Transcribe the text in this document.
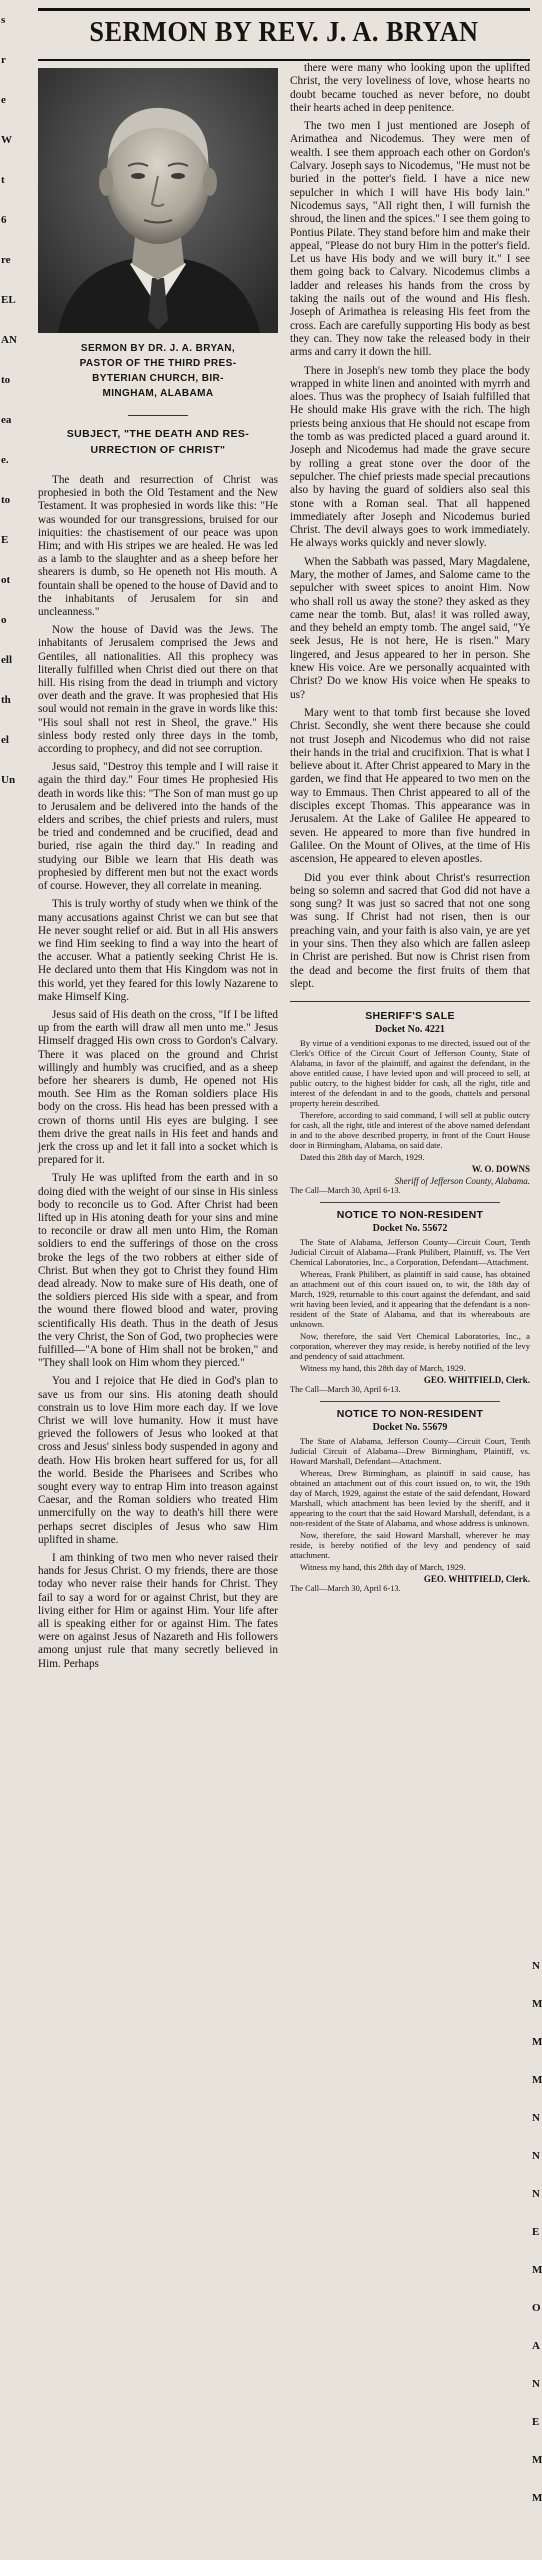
s
r
e
W
t
6
re
EL
AN
to
ea
e.
to
E
ot
o
ell
th
el
Un
N
M
M
M
N
N
N
E
M
O
A
N
E
M
M
SERMON BY REV. J. A. BRYAN
SERMON BY DR. J. A. BRYAN,
PASTOR OF THE THIRD PRES-
BYTERIAN CHURCH, BIR-
MINGHAM, ALABAMA
SUBJECT, "THE DEATH AND RES-
URRECTION OF CHRIST"

The death and resurrection of Christ was prophesied in both the Old Testament and the New Testament. It was prophesied in words like this: "He was wounded for our transgressions, bruised for our iniquities: the chastisement of our peace was upon Him; and with His stripes we are healed. He was led as a lamb to the slaughter and as a sheep before her shearers is dumb, so He openeth not His mouth. A fountain shall be opened to the house of David and to the inhabitants of Jerusalem for sin and uncleanness."

Now the house of David was the Jews. The inhabitants of Jerusalem comprised the Jews and Gentiles, all nationalities. All this prophecy was literally fulfilled when Christ died out there on that hill. His rising from the dead in triumph and victory over death and the grave. It was prophesied that His soul would not remain in the grave in words like this: "His soul shall not rest in Sheol, the grave." His sinless body rested only three days in the tomb, according to prophecy, and did not see corruption.

Jesus said, "Destroy this temple and I will raise it again the third day." Four times He prophesied His death in words like this: "The Son of man must go up to Jerusalem and be delivered into the hands of the elders and scribes, the chief priests and rulers, must be tried and condemned and be crucified, dead and buried, rise again the third day." In reading and studying our Bible we learn that His death was prophesied by different men but not the exact words of course. However, they all correlate in meaning.

This is truly worthy of study when we think of the many accusations against Christ we can but see that He never sought relief or aid. But in all His answers we find Him seeking to find a way into the heart of the accuser. What a patiently seeking Christ He is. He declared unto them that His Kingdom was not in this world, yet they feared for this lowly Nazarene to make Himself King.

Jesus said of His death on the cross, "If I be lifted up from the earth will draw all men unto me." Jesus Himself dragged His own cross to Gordon's Calvary. There it was placed on the ground and Christ willingly and humbly was crucified, and as a sheep before her shearers is dumb, He opened not His mouth. See Him as the Roman soldiers place His body on the cross. His head has been pressed with a crown of thorns until His eyes are bulging. I see them drive the great nails in His feet and hands and jerk the cross up and let it fall into a socket which is prepared for it.

Truly He was uplifted from the earth and in so doing died with the weight of our sinse in His sinless body to reconcile us to God. After Christ had been lifted up in His atoning death for your sins and mine to reconcile or draw all men unto Him, the Roman soldiers to end the sufferings of those on the cross broke the legs of the two robbers at either side of Christ. But when they got to Christ they found Him dead already. Now to make sure of His death, one of the soldiers pierced His side with a spear, and from the wound there flowed blood and water, proving scientifically His death. Thus in the death of Jesus the very Christ, the Son of God, two prophecies were fulfilled—"A bone of Him shall not be broken," and "They shall look on Him whom they pierced."

You and I rejoice that He died in God's plan to save us from our sins. His atoning death should constrain us to love Him more each day. If we love Christ we will love humanity. How it must have grieved the followers of Jesus who looked at that cross and Jesus' sinless body suspended in agony and death. How His broken heart suffered for us, for all the world. Beside the Pharisees and Scribes who sought every way to entrap Him into treason against Caesar, and the Roman soldiers who treated Him unmercifully on the way to death's hill there were perhaps secret disciples of Jesus who saw Him uplifted in shame.

I am thinking of two men who never raised their hands for Jesus Christ. O my friends, there are those today who never raise their hands for Christ. They fail to say a word for or against Christ, but they are living either for Him or against Him. Your life after all is speaking either for or against Him. The fates were on against Jesus of Nazareth and His followers among unjust rule that many secretly believed in Him. Perhaps

there were many who looking upon the uplifted Christ, the very loveliness of love, whose hearts no doubt became touched as never before, no doubt their hearts ached in deep penitence.

The two men I just mentioned are Joseph of Arimathea and Nicodemus. They were men of wealth. I see them approach each other on Gordon's Calvary. Joseph says to Nicodemus, "He must not be buried in the potter's field. I have a nice new sepulcher in which I will have His body lain." Nicodemus says, "All right then, I will furnish the shroud, the linen and the spices." I see them going to Pontius Pilate. They stand before him and make their appeal, "Please do not bury Him in the potter's field. Let us have His body and we will bury it." I see them going back to Calvary. Nicodemus climbs a ladder and releases his hands from the cross by taking the nails out of the wound and His flesh. Joseph of Arimathea is releasing His feet from the cross. Each are carefully supporting His body as best they can. They now take the released body in their arms and carry it down the hill.

There in Joseph's new tomb they place the body wrapped in white linen and anointed with myrrh and aloes. Thus was the prophecy of Isaiah fulfilled that He should make His grave with the rich. The high priests being anxious that He should not escape from the tomb as was predicted placed a guard around it. Joseph and Nicodemus had made the grave secure by rolling a great stone over the door of the sepulcher. The chief priests made special precautions also by having the guard of soldiers also seal this stone with a Roman seal. That all happened immediately after Joseph and Nicodemus buried Christ. The devil always goes to work immediately. He always works quickly and never slowly.

When the Sabbath was passed, Mary Magdalene, Mary, the mother of James, and Salome came to the sepulcher with sweet spices to anoint Him. Now who shall roll us away the stone? they asked as they came near the tomb. But, alas! it was rolled away, and they beheld an empty tomb. The angel said, "Ye seek Jesus, He is not here, He is risen." Mary lingered, and Jesus appeared to her in person. She knew His voice. Are we personally acquainted with Christ? Do we know His voice when He speaks to us?

Mary went to that tomb first because she loved Christ. Secondly, she went there because she could not trust Joseph and Nicodemus who did not raise their hands in the trial and crucifixion. That is what I believe about it. After Christ appeared to Mary in the garden, we find that He appeared to two men on the way to Emmaus. Then Christ appeared to all of the disciples except Thomas. This appearance was in Jerusalem. At the Lake of Galilee He appeared to seven. He appeared to more than five hundred in Galilee. On the Mount of Olives, at the time of His ascension, He appeared to eleven apostles.

Did you ever think about Christ's resurrection being so solemn and sacred that God did not have a song sung? It was just so sacred that not one song was sung. If Christ had not risen, then is our preaching vain, and your faith is also vain, ye are yet in your sins. Then they also which are fallen asleep in Christ are perished. But now is Christ risen from the dead and become the first fruits of them that slept.

SHERIFF'S SALE
Docket No. 4221

By virtue of a venditioni exponas to me directed, issued out of the Clerk's Office of the Circuit Court of Jefferson County, State of Alabama, in favor of the plaintiff, and against the defendant, in the above entitled cause, I have levied upon and will proceed to sell, at public outcry, to the highest bidder for cash, all the right, title and interest of the defendant in and to the goods, chattels and personal property herein described.

Therefore, according to said command, I will sell at public outcry for cash, all the right, title and interest of the above named defendant in and to the above described property, in front of the Court House door in Birmingham, Alabama, on said date.

Dated this 28th day of March, 1929.

W. O. DOWNS
Sheriff of Jefferson County, Alabama.

The Call—March 30, April 6-13.

NOTICE TO NON-RESIDENT
Docket No. 55672

The State of Alabama, Jefferson County—Circuit Court, Tenth Judicial Circuit of Alabama—Frank Philibert, Plaintiff, vs. The Vert Chemical Laboratories, Inc., a Corporation, Defendant—Attachment.

Whereas, Frank Philibert, as plaintiff in said cause, has obtained an attachment out of this court issued on, to wit, the 18th day of March, 1929, returnable to this court against the defendant, and said writ having been levied, and it appearing that the defendant is a non-resident of the State of Alabama, and that its whereabouts are unknown.

Now, therefore, the said Vert Chemical Laboratories, Inc., a corporation, wherever they may reside, is hereby notified of the levy and pendency of said attachment.

Witness my hand, this 28th day of March, 1929.

GEO. WHITFIELD, Clerk.

The Call—March 30, April 6-13.

NOTICE TO NON-RESIDENT
Docket No. 55679

The State of Alabama, Jefferson County—Circuit Court, Tenth Judicial Circuit of Alabama—Drew Birmingham, Plaintiff, vs. Howard Marshall, Defendant—Attachment.

Whereas, Drew Birmingham, as plaintiff in said cause, has obtained an attachment out of this court issued on, to wit, the 19th day of March, 1929, against the estate of the said defendant, Howard Marshall, which attachment has been levied by the sheriff, and it appearing to the court that the said Howard Marshall, defendant, is a non-resident of the State of Alabama, and whose address is unknown.

Now, therefore, the said Howard Marshall, wherever he may reside, is hereby notified of the levy and pendency of said attachment.

Witness my hand, this 28th day of March, 1929.

GEO. WHITFIELD, Clerk.

The Call—March 30, April 6-13.
